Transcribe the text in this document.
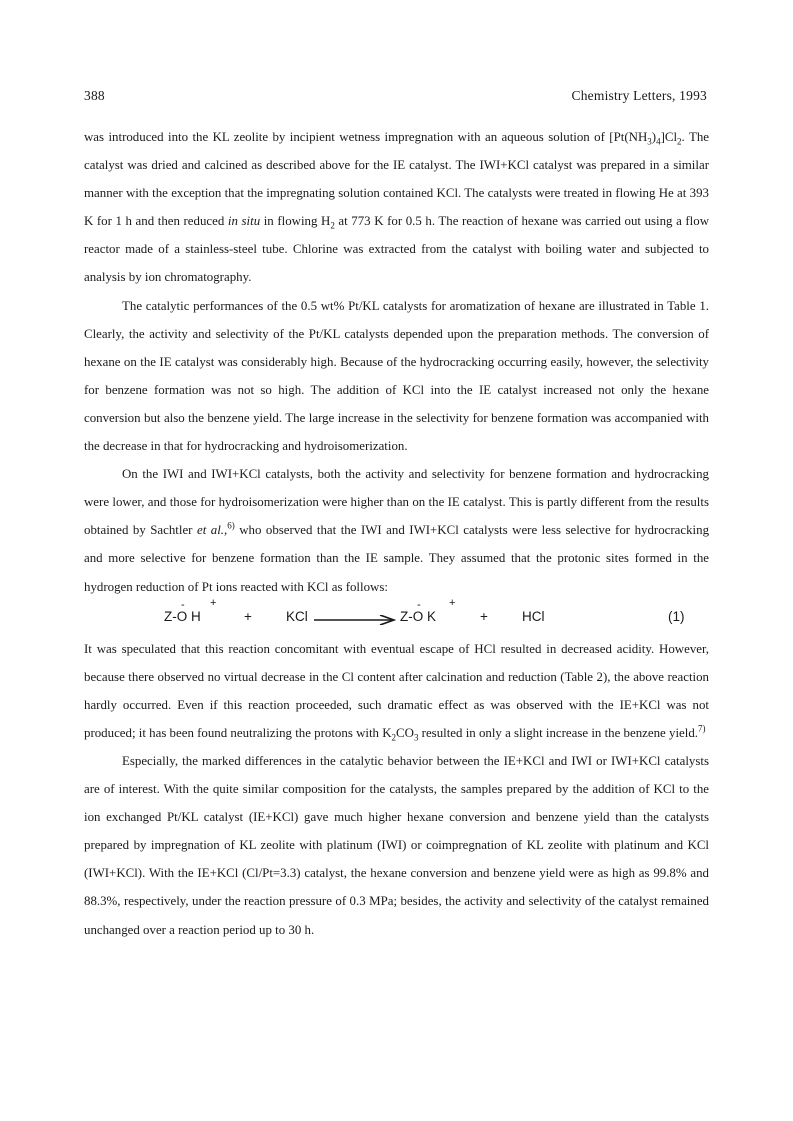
388	Chemistry Letters, 1993

was introduced into the KL zeolite by incipient wetness impregnation with an aqueous solution of $[Pt(NH_3)_4]Cl_2$. The catalyst was dried and calcined as described above for the IE catalyst. The IWI+KCl catalyst was prepared in a similar manner with the exception that the impregnating solution contained KCl. The catalysts were treated in flowing He at 393 K for 1 h and then reduced in situ in flowing $H_2$ at 773 K for 0.5 h. The reaction of hexane was carried out using a flow reactor made of a stainless-steel tube. Chlorine was extracted from the catalyst with boiling water and subjected to analysis by ion chromatography.

The catalytic performances of the 0.5 wt% Pt/KL catalysts for aromatization of hexane are illustrated in Table 1. Clearly, the activity and selectivity of the Pt/KL catalysts depended upon the preparation methods. The conversion of hexane on the IE catalyst was considerably high. Because of the hydrocracking occurring easily, however, the selectivity for benzene formation was not so high. The addition of KCl into the IE catalyst increased not only the hexane conversion but also the benzene yield. The large increase in the selectivity for benzene formation was accompanied with the decrease in that for hydrocracking and hydroisomerization.

On the IWI and IWI+KCl catalysts, both the activity and selectivity for benzene formation and hydrocracking were lower, and those for hydroisomerization were higher than on the IE catalyst. This is partly different from the results obtained by Sachtler et al.,$^{6)}$ who observed that the IWI and IWI+KCl catalysts were less selective for hydrocracking and more selective for benzene formation than the IE sample. They assumed that the protonic sites formed in the hydrogen reduction of Pt ions reacted with KCl as follows:

Z-O H
- +
+	KCl	Z-O K
-	+
+	HCl	(1)

It was speculated that this reaction concomitant with eventual escape of HCl resulted in decreased acidity. However, because there observed no virtual decrease in the Cl content after calcination and reduction (Table 2), the above reaction hardly occurred. Even if this reaction proceeded, such dramatic effect as was observed with the IE+KCl was not produced; it has been found neutralizing the protons with $K_2CO_3$ resulted in only a slight increase in the benzene yield.$^{7)}$

Especially, the marked differences in the catalytic behavior between the IE+KCl and IWI or IWI+KCl catalysts are of interest. With the quite similar composition for the catalysts, the samples prepared by the addition of KCl to the ion exchanged Pt/KL catalyst (IE+KCl) gave much higher hexane conversion and benzene yield than the catalysts prepared by impregnation of KL zeolite with platinum (IWI) or coimpregnation of KL zeolite with platinum and KCl (IWI+KCl). With the IE+KCl (Cl/Pt=3.3) catalyst, the hexane conversion and benzene yield were as high as 99.8% and 88.3%, respectively, under the reaction pressure of 0.3 MPa; besides, the activity and selectivity of the catalyst remained unchanged over a reaction period up to 30 h.
